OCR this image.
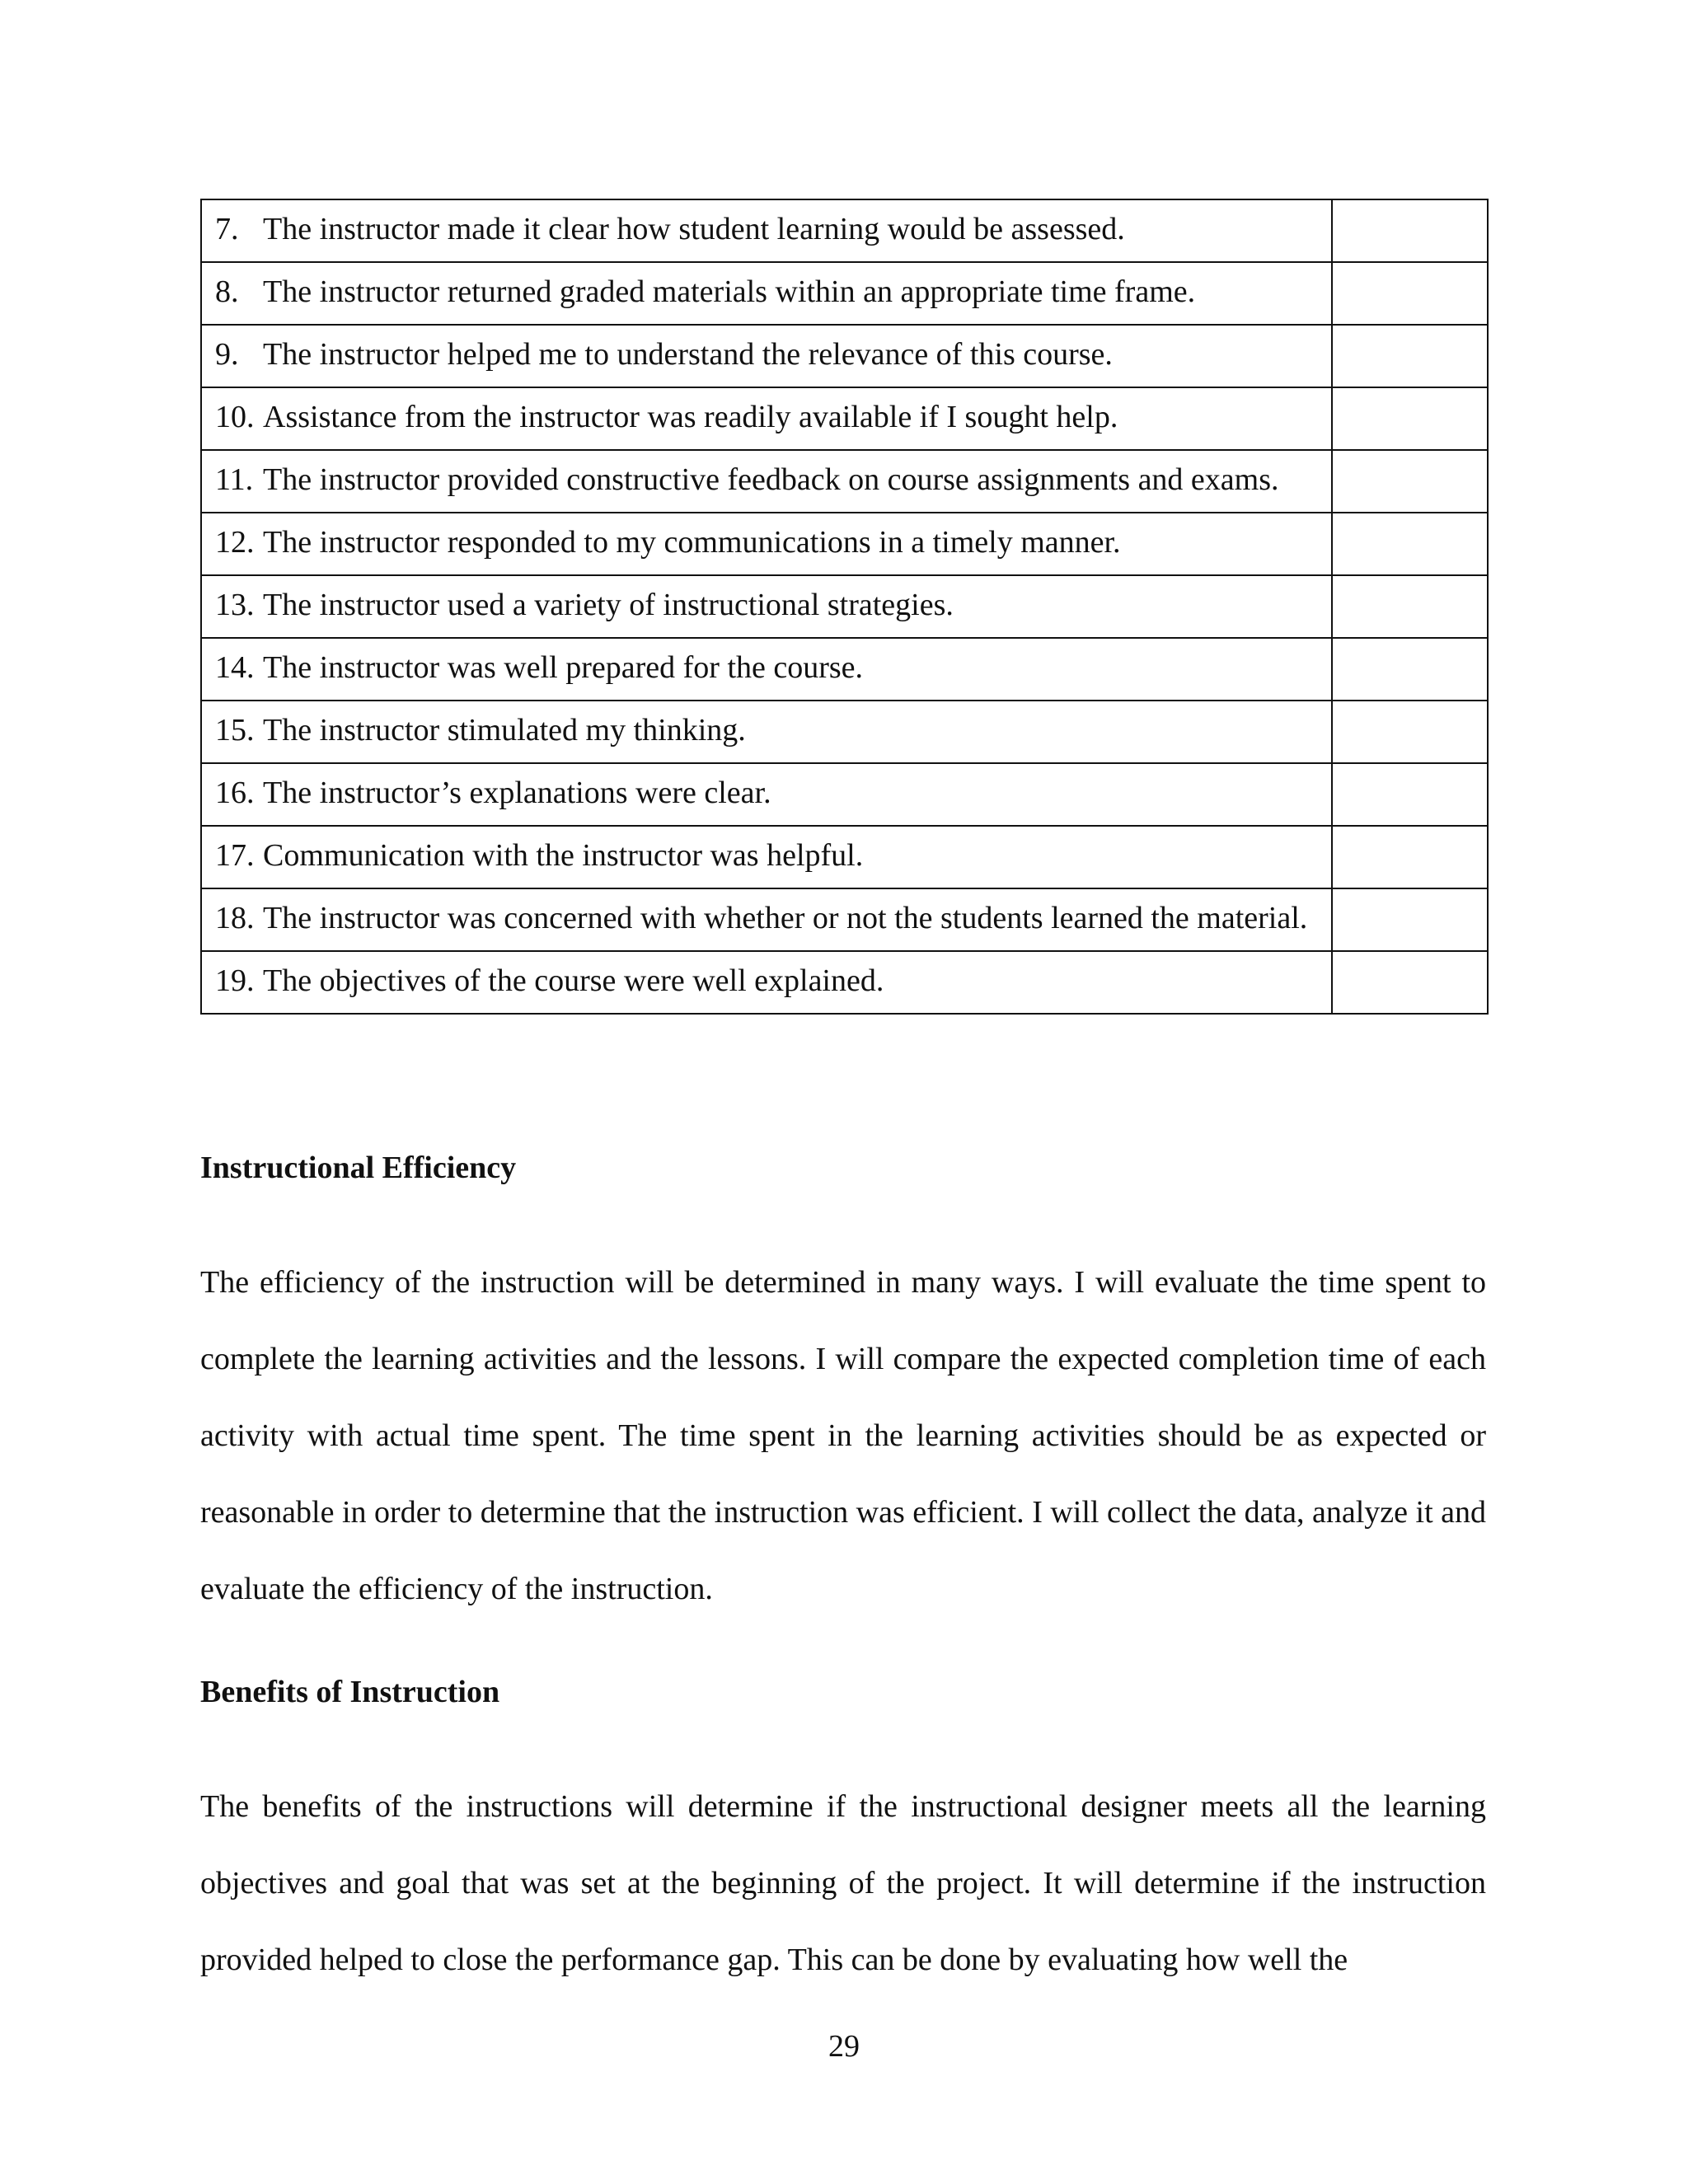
7. The instructor made it clear how student learning would be assessed.	

8. The instructor returned graded materials within an appropriate time frame.	

9. The instructor helped me to understand the relevance of this course.	

10. Assistance from the instructor was readily available if I sought help.	

11. The instructor provided constructive feedback on course assignments and exams.	

12. The instructor responded to my communications in a timely manner.	

13. The instructor used a variety of instructional strategies.	

14. The instructor was well prepared for the course.	

15. The instructor stimulated my thinking.	

16. The instructor’s explanations were clear.	

17. Communication with the instructor was helpful.	

18. The instructor was concerned with whether or not the students learned the material.	

19. The objectives of the course were well explained.	

Instructional Efficiency

The efficiency of the instruction will be determined in many ways. I will evaluate the time spent to complete the learning activities and the lessons. I will compare the expected completion time of each activity with actual time spent. The time spent in the learning activities should be as expected or reasonable in order to determine that the instruction was efficient. I will collect the data, analyze it and evaluate the efficiency of the instruction.

Benefits of Instruction

The benefits of the instructions will determine if the instructional designer meets all the learning objectives and goal that was set at the beginning of the project. It will determine if the instruction provided helped to close the performance gap. This can be done by evaluating how well the

29
